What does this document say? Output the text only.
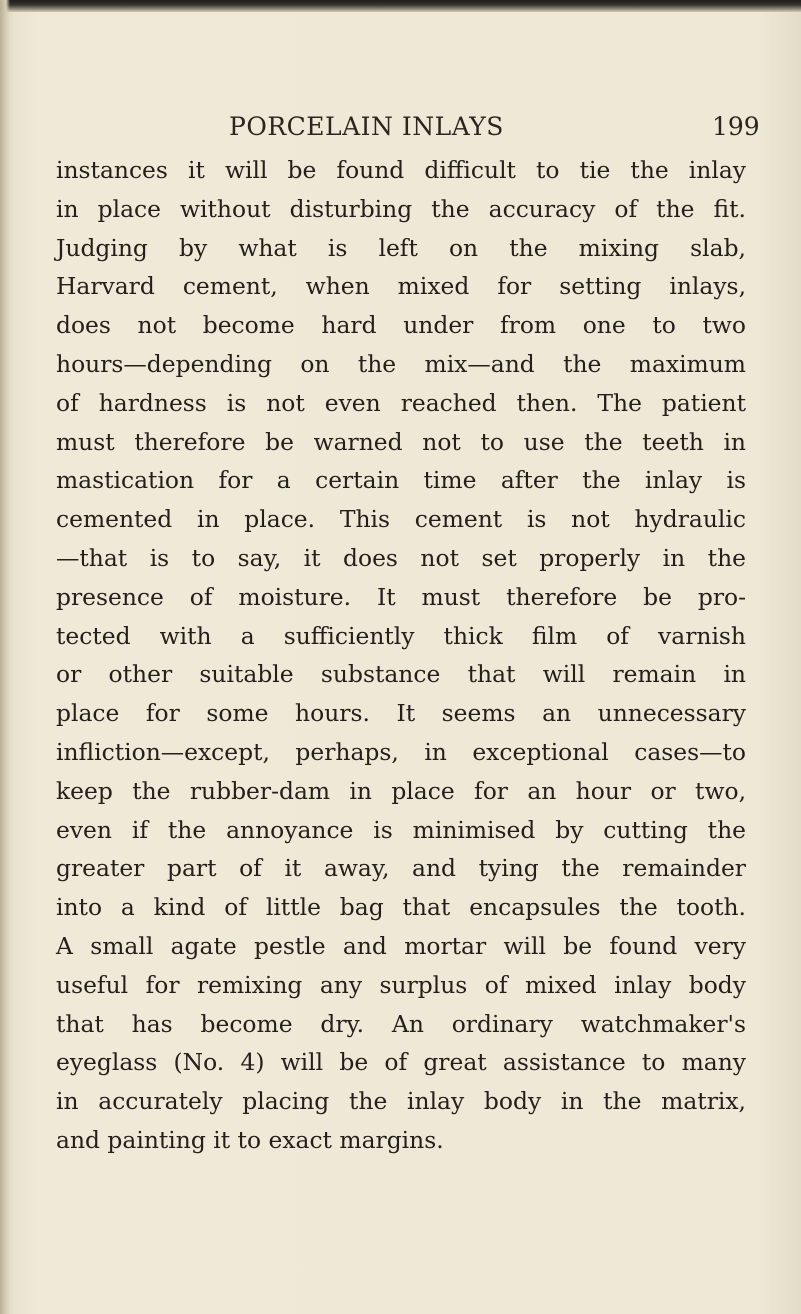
PORCELAIN INLAYS	199
instances it will be found difficult to tie the inlay
in place without disturbing the accuracy of the fit.
Judging by what is left on the mixing slab,
Harvard cement, when mixed for setting inlays,
does not become hard under from one to two
hours—depending on the mix—and the maximum
of hardness is not even reached then. The patient
must therefore be warned not to use the teeth in
mastication for a certain time after the inlay is
cemented in place. This cement is not hydraulic
—that is to say, it does not set properly in the
presence of moisture. It must therefore be pro-
tected with a sufficiently thick film of varnish
or other suitable substance that will remain in
place for some hours. It seems an unnecessary
infliction—except, perhaps, in exceptional cases—to
keep the rubber-dam in place for an hour or two,
even if the annoyance is minimised by cutting the
greater part of it away, and tying the remainder
into a kind of little bag that encapsules the tooth.
A small agate pestle and mortar will be found very
useful for remixing any surplus of mixed inlay body
that has become dry. An ordinary watchmaker's
eyeglass (No. 4) will be of great assistance to many
in accurately placing the inlay body in the matrix,
and painting it to exact margins.
